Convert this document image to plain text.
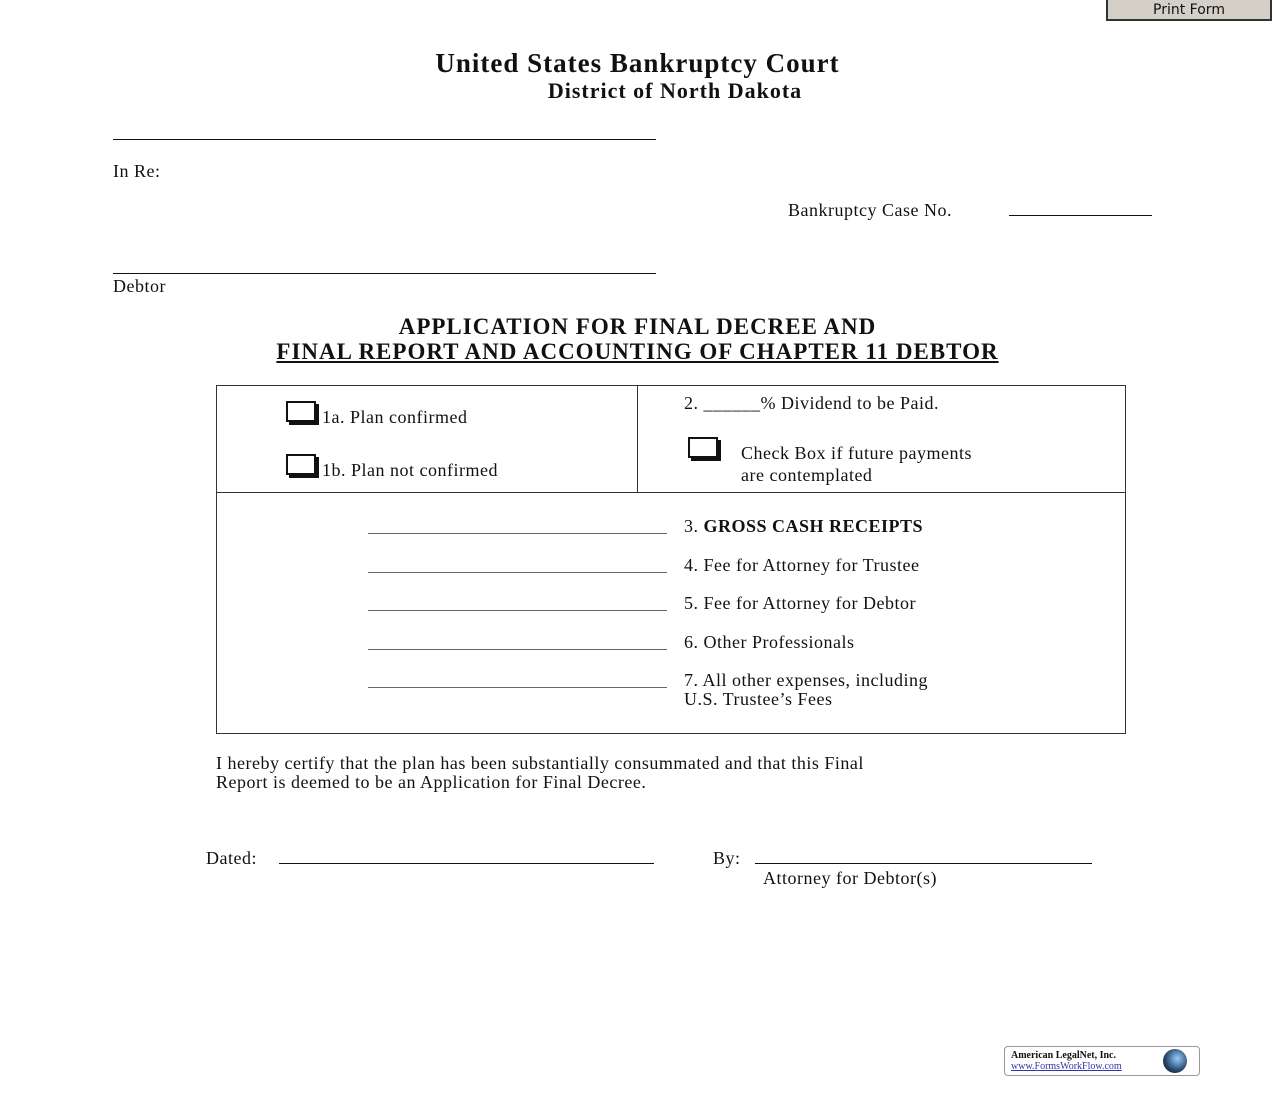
Print Form
United States Bankruptcy Court
District of North Dakota
In Re:
Bankruptcy Case No.
Debtor
APPLICATION FOR FINAL DECREE AND
FINAL REPORT AND ACCOUNTING OF CHAPTER 11 DEBTOR
1a. Plan confirmed
1b. Plan not confirmed
2. ______% Dividend to be Paid.
Check Box if future payments
are contemplated
3. GROSS CASH RECEIPTS
4. Fee for Attorney for Trustee
5. Fee for Attorney for Debtor
6. Other Professionals
7. All other expenses, including
U.S. Trustee’s Fees
I hereby certify that the plan has been substantially consummated and that this Final
Report is deemed to be an Application for Final Decree.
Dated:	By:
Attorney for Debtor(s)
American LegalNet, Inc.
www.FormsWorkFlow.com
